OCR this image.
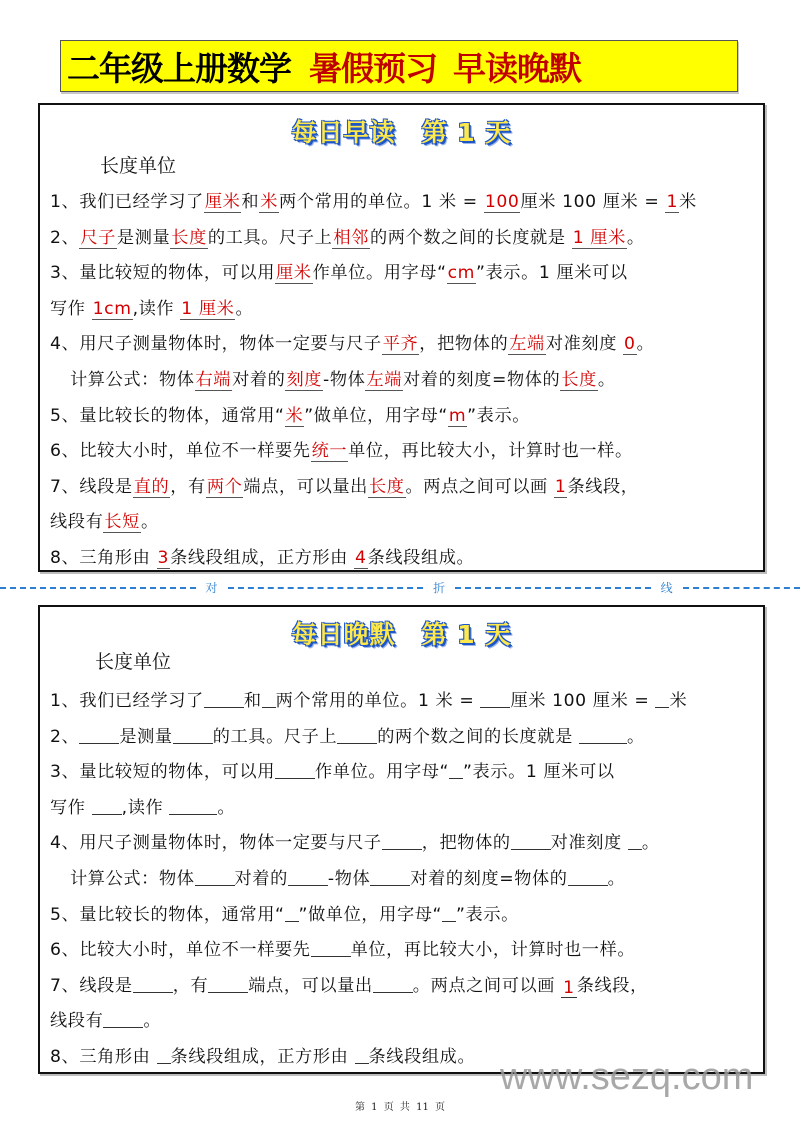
二年级上册数学 暑假预习 早读晚默
每日早读 第 1 天
长度单位
1、我们已经学习了厘米和米两个常用的单位。1 米 = 100厘米 100 厘米 = 1米
2、尺子是测量长度的工具。尺子上相邻的两个数之间的长度就是 1 厘米。
3、量比较短的物体，可以用厘米作单位。用字母“cm”表示。1 厘米可以
写作 1cm,读作 1 厘米。
4、用尺子测量物体时，物体一定要与尺子平齐，把物体的左端对准刻度 0。
计算公式：物体右端对着的刻度-物体左端对着的刻度=物体的长度。
5、量比较长的物体，通常用“米”做单位，用字母“m”表示。
6、比较大小时，单位不一样要先统一单位，再比较大小，计算时也一样。
7、线段是直的，有两个端点，可以量出长度。两点之间可以画 1条线段，
线段有长短。
8、三角形由 3条线段组成，正方形由 4条线段组成。
对	折	线
每日晚默 第 1 天
长度单位
1、我们已经学习了 和 两个常用的单位。1 米 = 厘米 100 厘米 = 米
2、 是测量 的工具。尺子上 的两个数之间的长度就是	。
3、量比较短的物体，可以用 作单位。用字母“ ”表示。1 厘米可以
写作 ,读作	。
4、用尺子测量物体时，物体一定要与尺子 ，把物体的 对准刻度 。
计算公式：物体 对着的 -物体 对着的刻度=物体的 。
5、量比较长的物体，通常用“ ”做单位，用字母“ ”表示。
6、比较大小时，单位不一样要先 单位，再比较大小，计算时也一样。
7、线段是 ，有 端点，可以量出 。两点之间可以画 1 条线段，
线段有 。
8、三角形由 条线段组成，正方形由 条线段组成。 www.sezq.com
第 1 页 共 11 页
